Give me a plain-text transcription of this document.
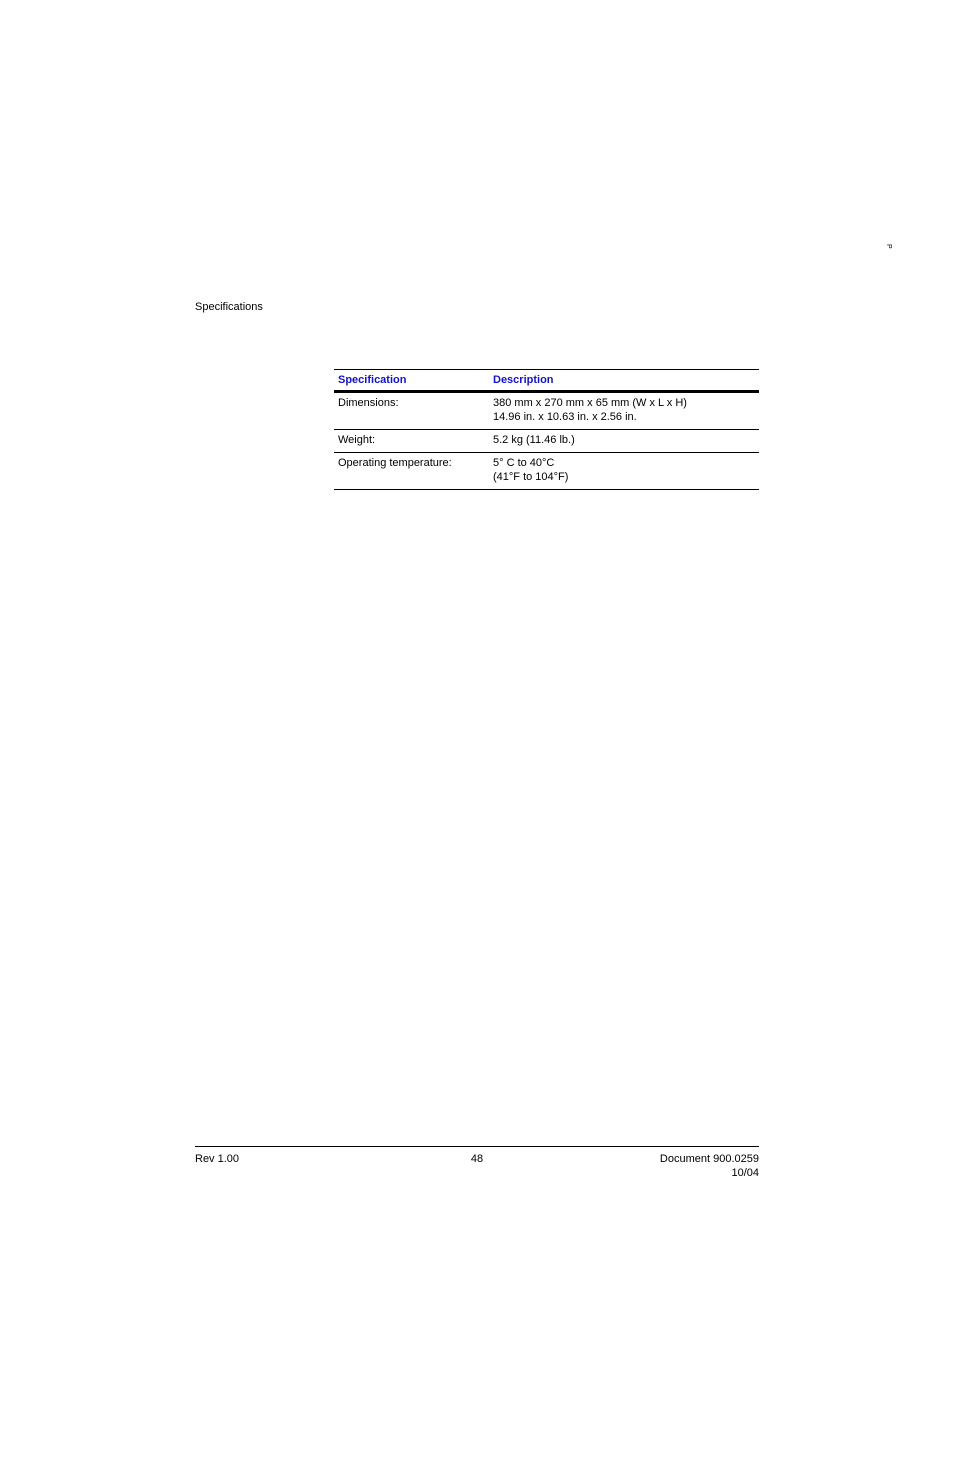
P
Specifications
Specification	Description
Dimensions:	380 mm x 270 mm x 65 mm (W x L x H)
14.96 in. x 10.63 in. x 2.56 in.

Weight:	5.2 kg (11.46 lb.)

Operating temperature:	5° C to 40°C
(41°F to 104°F)
Rev 1.00	48	Document 900.0259
10/04
